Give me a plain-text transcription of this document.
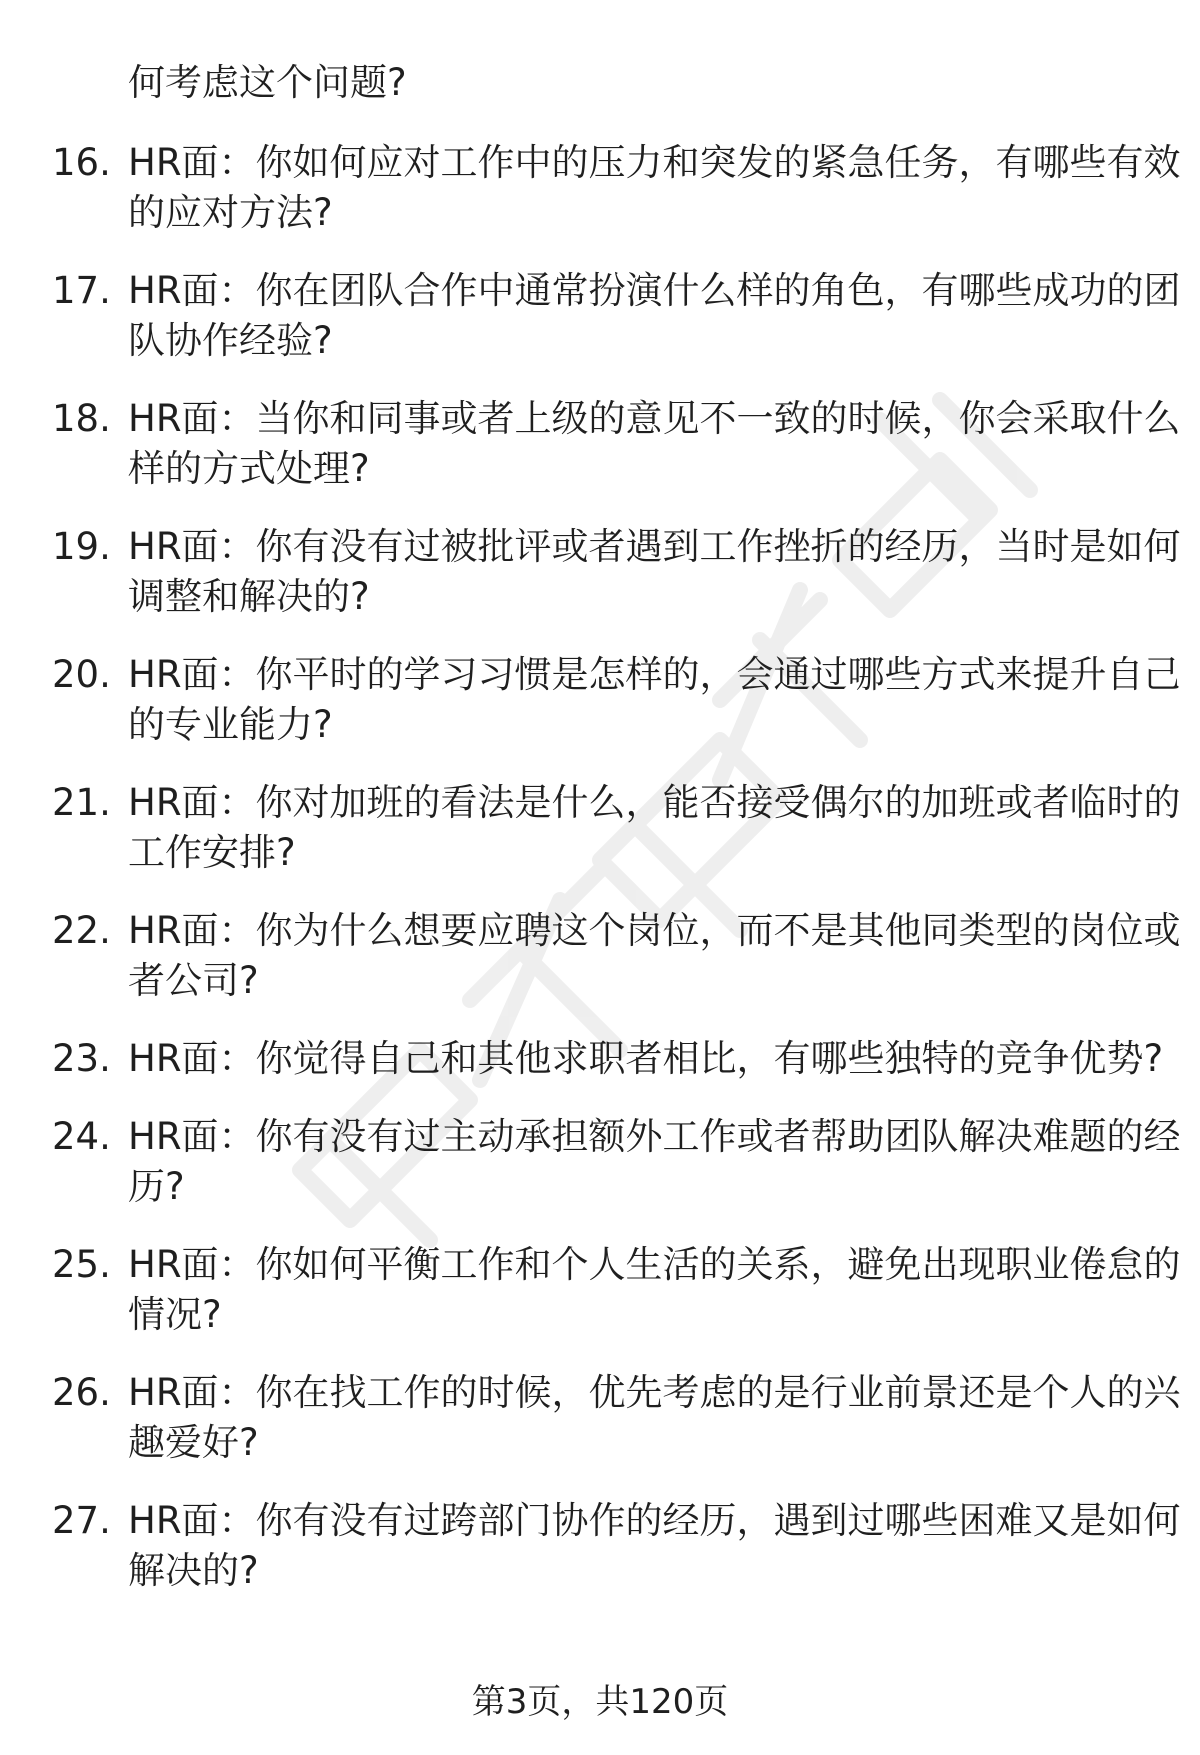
何考虑这个问题?
16. HR面：你如何应对工作中的压力和突发的紧急任务，有哪些有效
的应对方法?
17. HR面：你在团队合作中通常扮演什么样的角色，有哪些成功的团
队协作经验?
18. HR面：当你和同事或者上级的意见不一致的时候，你会采取什么
样的方式处理?
19. HR面：你有没有过被批评或者遇到工作挫折的经历，当时是如何
调整和解决的?
20. HR面：你平时的学习习惯是怎样的，会通过哪些方式来提升自己
的专业能力?
21. HR面：你对加班的看法是什么，能否接受偶尔的加班或者临时的
工作安排?
22. HR面：你为什么想要应聘这个岗位，而不是其他同类型的岗位或
者公司?
23. HR面：你觉得自己和其他求职者相比，有哪些独特的竞争优势?
24. HR面：你有没有过主动承担额外工作或者帮助团队解决难题的经
历?
25. HR面：你如何平衡工作和个人生活的关系，避免出现职业倦怠的
情况?
26. HR面：你在找工作的时候，优先考虑的是行业前景还是个人的兴
趣爱好?
27. HR面：你有没有过跨部门协作的经历，遇到过哪些困难又是如何
解决的?
第3页，共120页
